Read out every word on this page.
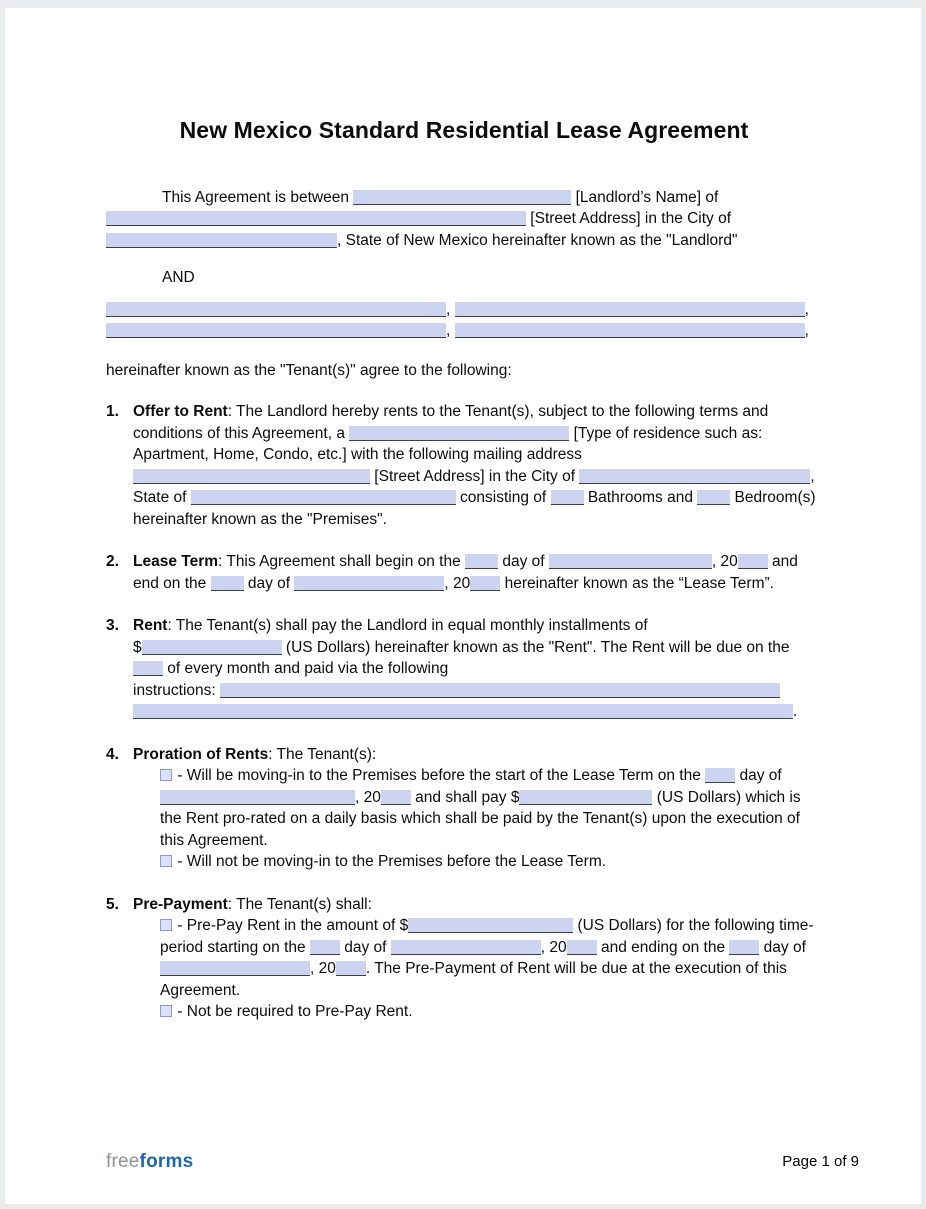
New Mexico Standard Residential Lease Agreement

This Agreement is between	[Landlord’s Name] of  [Street Address] in the City of , State of New Mexico hereinafter known as the "Landlord"

AND

,	,

,	,

hereinafter known as the "Tenant(s)" agree to the following:

1. Offer to Rent: The Landlord hereby rents to the Tenant(s), subject to the following terms and conditions of this Agreement, a	[Type of residence such as: Apartment, Home, Condo, etc.] with the following mailing address  [Street Address] in the City of	, State of	consisting of  Bathrooms and  Bedroom(s) hereinafter known as the "Premises".
2. Lease Term: This Agreement shall begin on the  day of	, 20 and end on the  day of	, 20 hereinafter known as the “Lease Term”.
3. Rent: The Tenant(s) shall pay the Landlord in equal monthly installments of
$	(US Dollars) hereinafter known as the "Rent". The Rent will be due on the  of every month and paid via the following
instructions:
.
4. Proration of Rents: The Tenant(s):
- Will be moving-in to the Premises before the start of the Lease Term on the  day of , 20 and shall pay $	(US Dollars) which is the Rent pro-rated on a daily basis which shall be paid by the Tenant(s) upon the execution of this Agreement.
- Will not be moving-in to the Premises before the Lease Term.
5. Pre-Payment: The Tenant(s) shall:
- Pre-Pay Rent in the amount of $	(US Dollars) for the following time-period starting on the  day of	, 20 and ending on the  day of , 20 . The Pre-Payment of Rent will be due at the execution of this Agreement.
- Not be required to Pre-Pay Rent.
freeforms	Page 1 of 9
